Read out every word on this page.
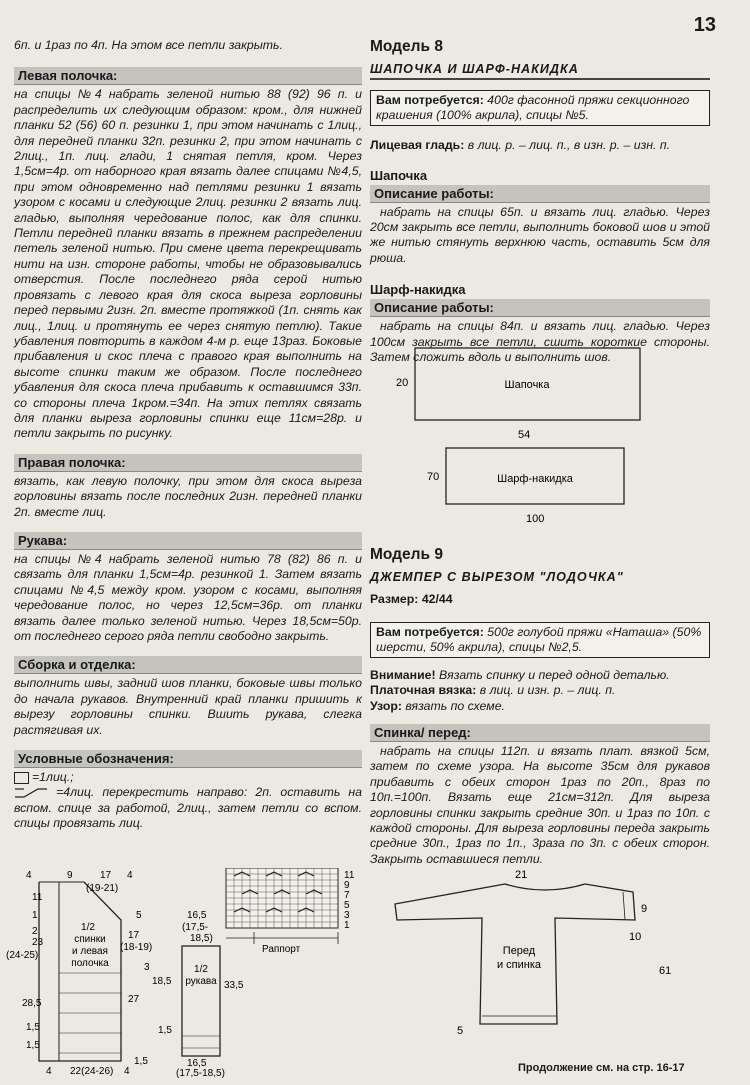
13
6п. и 1раз по 4п. На этом все петли закрыть.
Левая полочка:
на спицы №4 набрать зеленой нитью 88 (92) 96 п. и распределить их следующим образом: кром., для нижней планки 52 (56) 60 п. резинки 1, при этом начинать с 1лиц., для передней планки 32п. резинки 2, при этом начинать с 2лиц., 1п. лиц. глади, 1 снятая петля, кром. Через 1,5см=4р. от наборного края вязать далее спицами №4,5, при этом одновременно над петлями резинки 1 вязать узором с косами и следующие 2лиц. резинки 2 вязать лиц. гладью, выполняя чередование полос, как для спинки. Петли передней планки вязать в прежнем распределении петель зеленой нитью. При смене цвета перекрещивать нити на изн. стороне работы, чтобы не образовывались отверстия. После последнего ряда серой нитью провязать с левого края для скоса выреза горловины перед первыми 2изн. 2п. вместе протяжкой (1п. снять как лиц., 1лиц. и протянуть ее через снятую петлю). Такие убавления повторить в каждом 4-м р. еще 13раз. Боковые прибавления и скос плеча с правого края выполнить на высоте спинки таким же образом. После последнего убавления для скоса плеча прибавить к оставшимся 33п. со стороны плеча 1кром.=34п. На этих петлях связать для планки выреза горловины спинки еще 11см=28р. и петли закрыть по рисунку.
Правая полочка:
вязать, как левую полочку, при этом для скоса выреза горловины вязать после последних 2изн. передней планки 2п. вместе лиц.
Рукава:
на спицы №4 набрать зеленой нитью 78 (82) 86 п. и связать для планки 1,5см=4р. резинкой 1. Затем вязать спицами №4,5 между кром. узором с косами, выполняя чередование полос, но через 12,5см=36р. от планки вязать далее только зеленой нитью. Через 18,5см=50р. от последнего серого ряда петли свободно закрыть.
Сборка и отделка:
выполнить швы, задний шов планки, боковые швы только до начала рукавов. Внутренний край планки пришить к вырезу горловины спинки. Вшить рукава, слегка растягивая их.
Условные обозначения:
=1лиц.;
=4лиц. перекрестить направо: 2п. оставить на вспом. спице за работой, 2лиц., затем петли со вспом. спицы провязать лиц.
4	9	17 4
(19-21)
11
1
2
23
(24-25)
28,5
1,5
1,5
5
17
(18-19)
3
27
4 22(24-26) 4
1,5
1/2
спинки
и левая
полочка
16,5
(17,5-
18,5)
18,5
1,5
33,5
16,5
(17,5-18,5)
1/2
рукава
11
9
7
5
3
1
Раппорт
Модель 8
ШАПОЧКА И ШАРФ-НАКИДКА
Вам потребуется: 400г фасонной пряжи секционного крашения (100% акрила), спицы №5.
Лицевая гладь: в лиц. р. – лиц. п., в изн. р. – изн. п.
Шапочка
Описание работы:
набрать на спицы 65п. и вязать лиц. гладью. Через 20см закрыть все петли, выполнить боковой шов и этой же нитью стянуть верхнюю часть, оставить 5см для рюша.
Шарф-накидка
Описание работы:
набрать на спицы 84п. и вязать лиц. гладью. Через 100см закрыть все петли, сшить короткие стороны. Затем сложить вдоль и выполнить шов.
Шапочка
20
54
Шарф-накидка
70
100
Модель 9
ДЖЕМПЕР С ВЫРЕЗОМ "ЛОДОЧКА"
Размер: 42/44
Вам потребуется: 500г голубой пряжи «Наташа» (50% шерсти, 50% акрила), спицы №2,5.
Внимание! Вязать спинку и перед одной деталью.
Платочная вязка: в лиц. и изн. р. – лиц. п.
Узор: вязать по схеме.
Спинка/ перед:
набрать на спицы 112п. и вязать плат. вязкой 5см, затем по схеме узора. На высоте 35см для рукавов прибавить с обеих сторон 1раз по 20п., 8раз по 10п.=100п. Вязать еще 21см=312п. Для выреза горловины спинки закрыть средние 30п. и 1раз по 10п. с каждой стороны. Для выреза горловины переда закрыть средние 30п., 1раз по 1п., 3раза по 3п. с обеих сторон. Закрыть оставшиеся петли.
21
9
10
Перед
и спинка	61
5
Продолжение см. на стр. 16-17
